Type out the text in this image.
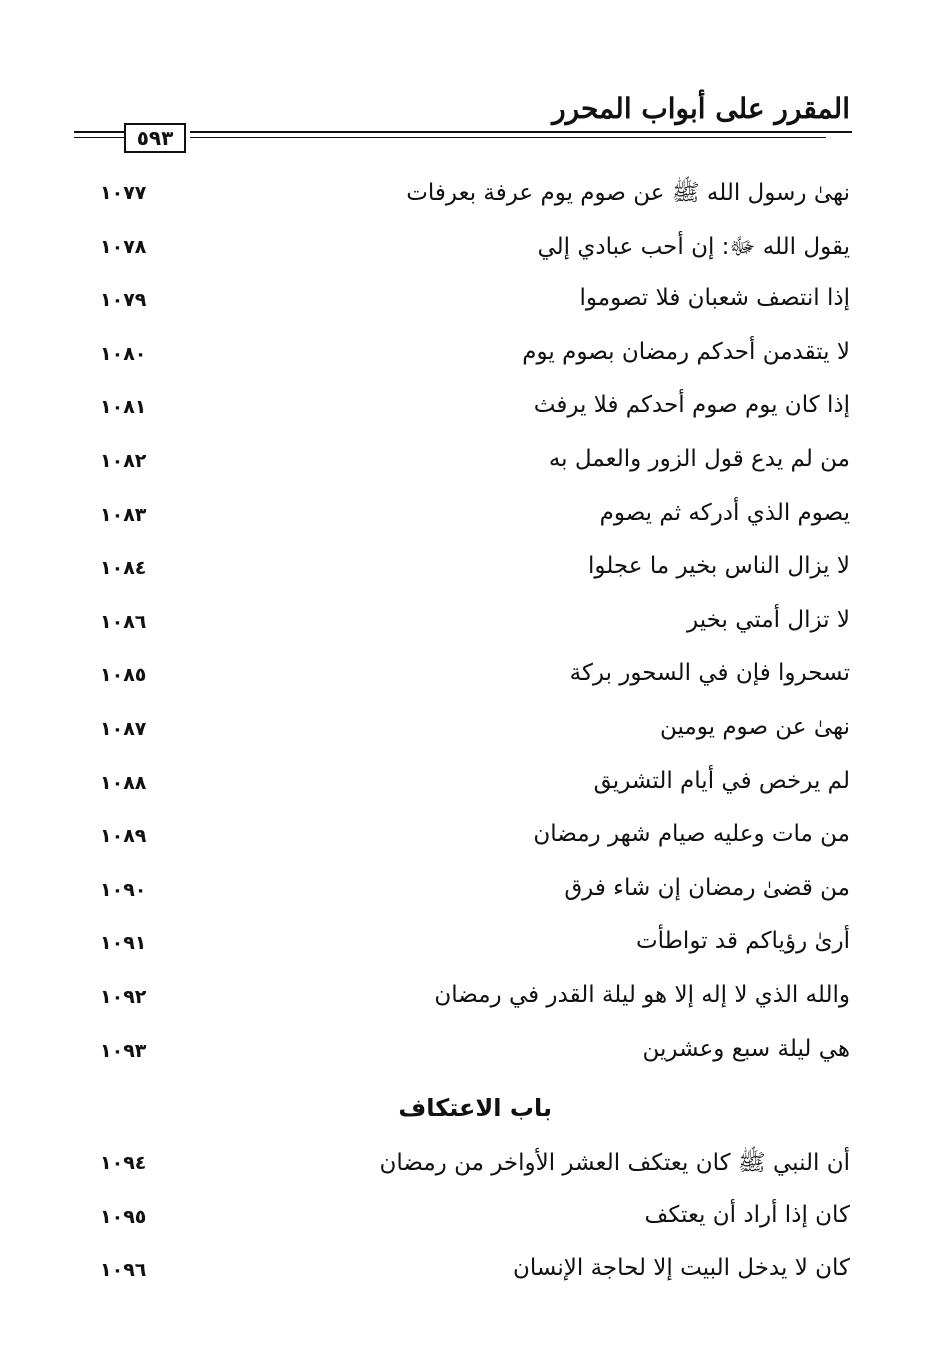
المقرر على أبواب المحرر
٥٩٣
نهىٰ رسول الله ﷺ عن صوم يوم عرفة بعرفات
١٠٧٧
يقول الله ﷻ: إن أحب عبادي إلي
١٠٧٨
إذا انتصف شعبان فلا تصوموا
١٠٧٩
لا يتقدمن أحدكم رمضان بصوم يوم
١٠٨٠
إذا كان يوم صوم أحدكم فلا يرفث
١٠٨١
من لم يدع قول الزور والعمل به
١٠٨٢
يصوم الذي أدركه ثم يصوم
١٠٨٣
لا يزال الناس بخير ما عجلوا
١٠٨٤
لا تزال أمتي بخير
١٠٨٦
تسحروا فإن في السحور بركة
١٠٨٥
نهىٰ عن صوم يومين
١٠٨٧
لم يرخص في أيام التشريق
١٠٨٨
من مات وعليه صيام شهر رمضان
١٠٨٩
من قضىٰ رمضان إن شاء فرق
١٠٩٠
أرىٰ رؤياكم قد تواطأت
١٠٩١
والله الذي لا إله إلا هو ليلة القدر في رمضان
١٠٩٢
هي ليلة سبع وعشرين
١٠٩٣
باب الاعتكاف
أن النبي ﷺ كان يعتكف العشر الأواخر من رمضان
١٠٩٤
كان إذا أراد أن يعتكف
١٠٩٥
كان لا يدخل البيت إلا لحاجة الإنسان
١٠٩٦
